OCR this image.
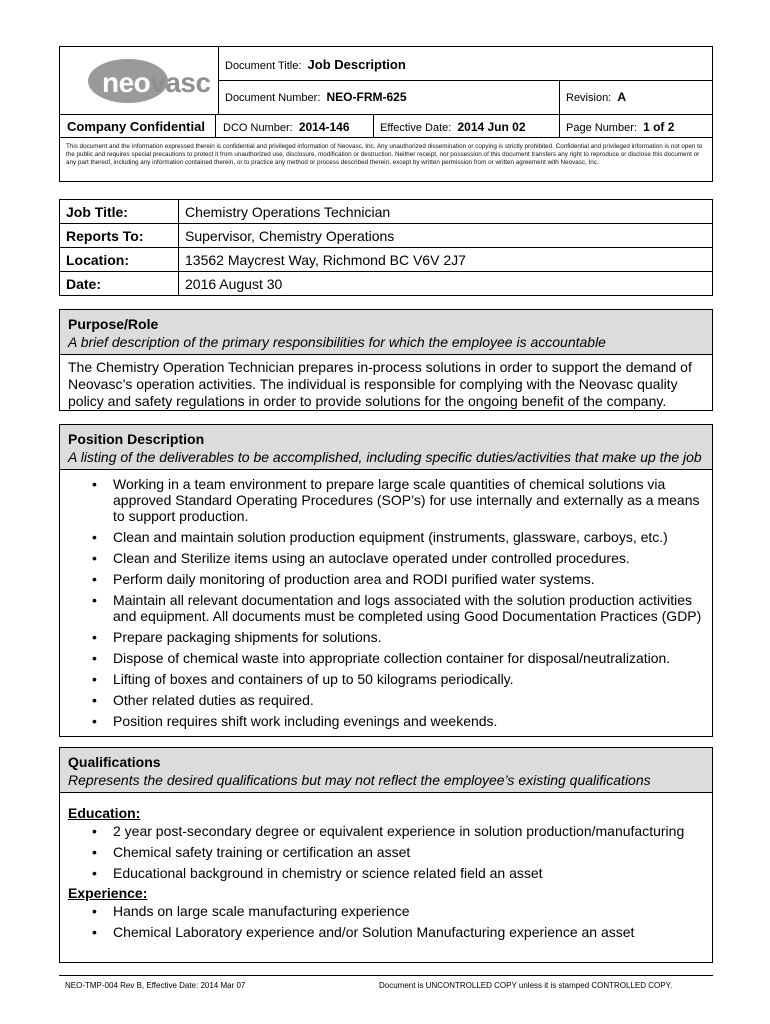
neovasc
Document Title: Job Description
Document Number: NEO-FRM-625	Revision: A
Company Confidential DCO Number: 2014-146	Effective Date: 2014 Jun 02	Page Number: 1 of 2
This document and the information expressed therein is confidential and privileged information of Neovasc, Inc. Any unauthorized dissemination or copying is strictly prohibited. Confidential and privileged information is not open to the public and requires special precautions to protect it from unauthorized use, disclosure, modification or destruction. Neither receipt, nor possession of this document transfers any right to reproduce or disclose this document or any part thereof, including any information contained therein, or to practice any method or process described therein, except by written permission from or written agreement with Neovasc, Inc.
Job Title:	Chemistry Operations Technician
Reports To:	Supervisor, Chemistry Operations
Location:	13562 Maycrest Way, Richmond BC V6V 2J7
Date:	2016 August 30
Purpose/Role
A brief description of the primary responsibilities for which the employee is accountable
The Chemistry Operation Technician prepares in-process solutions in order to support the demand of Neovasc’s operation activities. The individual is responsible for complying with the Neovasc quality policy and safety regulations in order to provide solutions for the ongoing benefit of the company.
Position Description
A listing of the deliverables to be accomplished, including specific duties/activities that make up the job
• Working in a team environment to prepare large scale quantities of chemical solutions via approved Standard Operating Procedures (SOP’s) for use internally and externally as a means to support production.
• Clean and maintain solution production equipment (instruments, glassware, carboys, etc.)
• Clean and Sterilize items using an autoclave operated under controlled procedures.
• Perform daily monitoring of production area and RODI purified water systems.
• Maintain all relevant documentation and logs associated with the solution production activities and equipment. All documents must be completed using Good Documentation Practices (GDP)
• Prepare packaging shipments for solutions.
• Dispose of chemical waste into appropriate collection container for disposal/neutralization.
• Lifting of boxes and containers of up to 50 kilograms periodically.
• Other related duties as required.
• Position requires shift work including evenings and weekends.
Qualifications
Represents the desired qualifications but may not reflect the employee’s existing qualifications
Education:
• 2 year post-secondary degree or equivalent experience in solution production/manufacturing
• Chemical safety training or certification an asset
• Educational background in chemistry or science related field an asset
Experience:
• Hands on large scale manufacturing experience
• Chemical Laboratory experience and/or Solution Manufacturing experience an asset
NEO-TMP-004 Rev B, Effective Date: 2014 Mar 07	Document is UNCONTROLLED COPY unless it is stamped CONTROLLED COPY.
